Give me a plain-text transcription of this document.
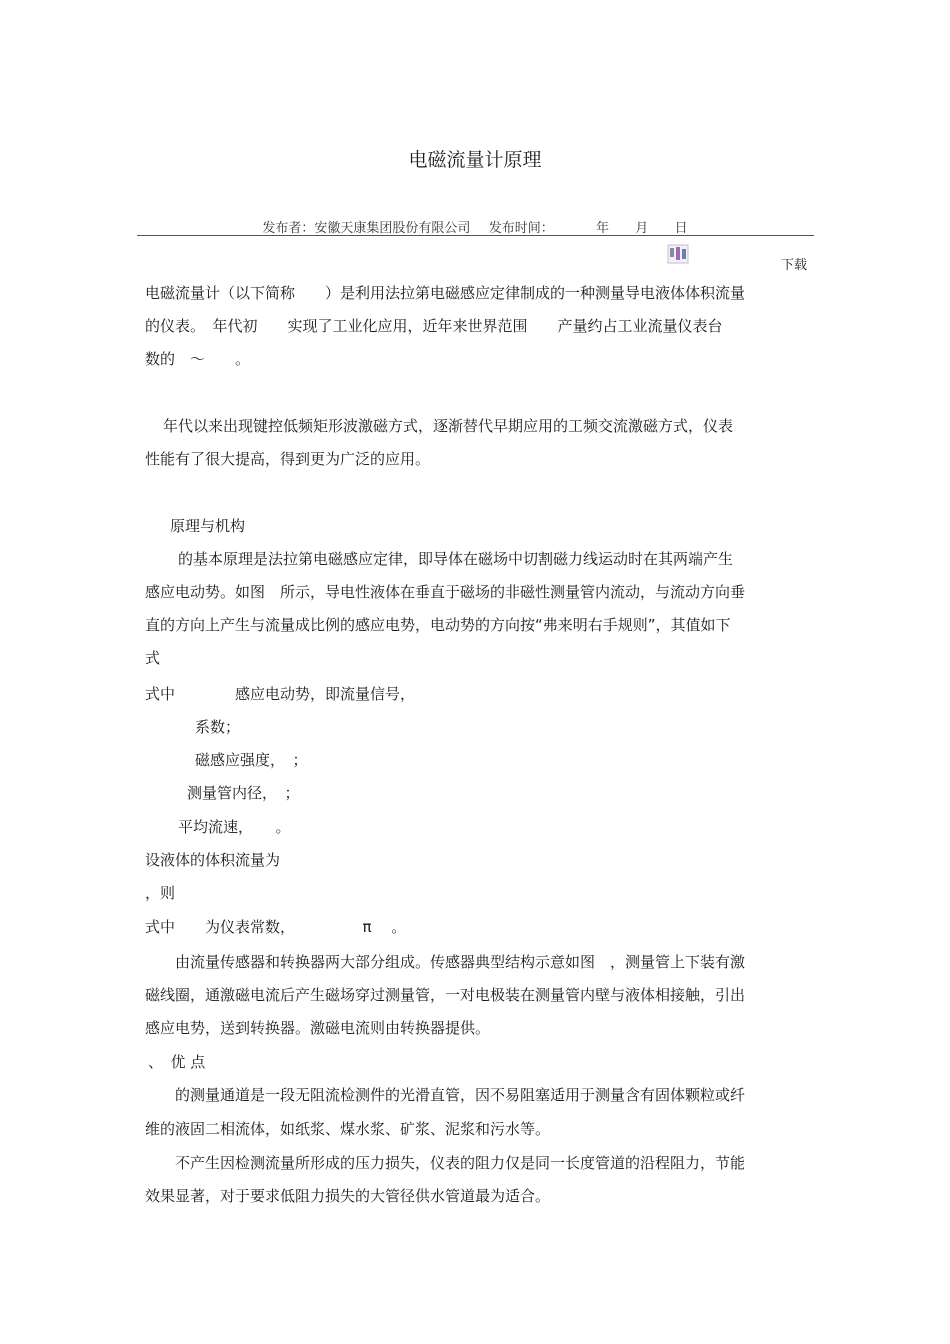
电磁流量计原理
发布者：安徽天康集团股份有限公司 发布时间：	年 月 日
下载
电磁流量计（以下简称　　）是利用法拉第电磁感应定律制成的一种测量导电液体体积流量
的仪表。　年代初　　实现了工业化应用，近年来世界范围　　产量约占工业流量仪表台
数的　～　　。
年代以来出现键控低频矩形波激磁方式，逐渐替代早期应用的工频交流激磁方式，仪表
性能有了很大提高，得到更为广泛的应用。
原理与机构
的基本原理是法拉第电磁感应定律，即导体在磁场中切割磁力线运动时在其两端产生
感应电动势。如图　所示，导电性液体在垂直于磁场的非磁性测量管内流动，与流动方向垂
直的方向上产生与流量成比例的感应电势，电动势的方向按“弗来明右手规则”，其值如下
式
式中　　　　感应电动势，即流量信号，
系数；
磁感应强度，　；
测量管内径，　；
平均流速，　　。
设液体的体积流量为
，则
式中　　为仪表常数，　　　　　π　 。
由流量传感器和转换器两大部分组成。传感器典型结构示意如图　，测量管上下装有激
磁线圈，通激磁电流后产生磁场穿过测量管，一对电极装在测量管内壁与液体相接触，引出
感应电势，送到转换器。激磁电流则由转换器提供。
、　优 点
的测量通道是一段无阻流检测件的光滑直管，因不易阻塞适用于测量含有固体颗粒或纤
维的液固二相流体，如纸浆、煤水浆、矿浆、泥浆和污水等。
不产生因检测流量所形成的压力损失，仪表的阻力仅是同一长度管道的沿程阻力，节能
效果显著，对于要求低阻力损失的大管径供水管道最为适合。
